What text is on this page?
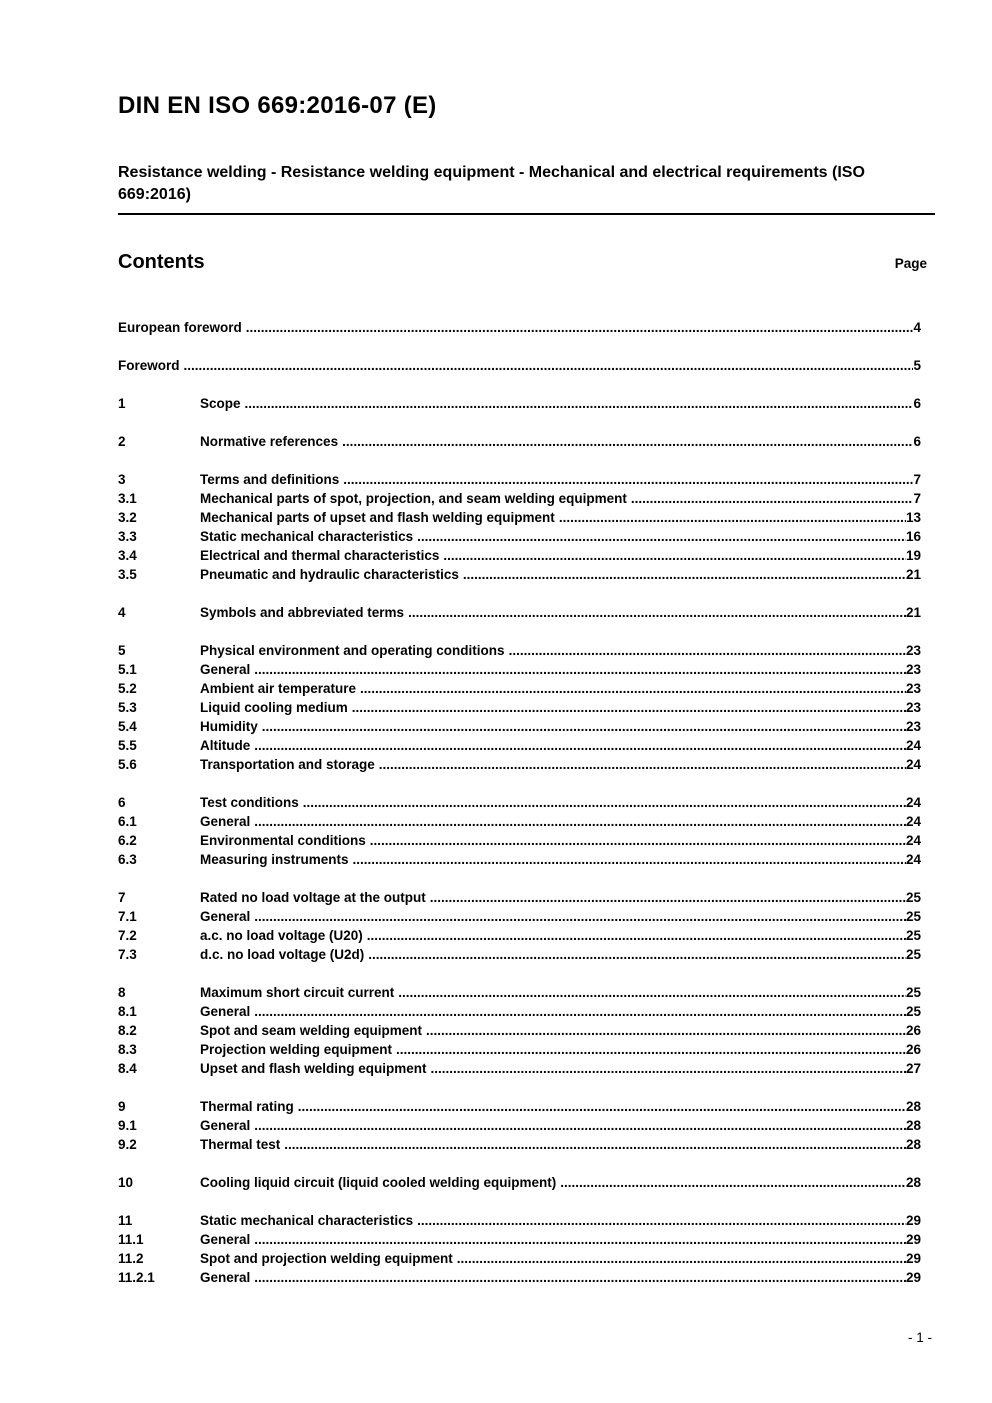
DIN EN ISO 669:2016-07 (E)
Resistance welding - Resistance welding equipment - Mechanical and electrical requirements (ISO 669:2016)
Contents	Page
European foreword .....	4
Foreword .....	5
1	Scope .....	6
2	Normative references .....	6
3	Terms and definitions .....	7
3.1	Mechanical parts of spot, projection, and seam welding equipment .....	7
3.2	Mechanical parts of upset and flash welding equipment .....	13
3.3	Static mechanical characteristics .....	16
3.4	Electrical and thermal characteristics .....	19
3.5	Pneumatic and hydraulic characteristics .....	21
4	Symbols and abbreviated terms .....	21
5	Physical environment and operating conditions .....	23
5.1	General .....	23
5.2	Ambient air temperature .....	23
5.3	Liquid cooling medium .....	23
5.4	Humidity .....	23
5.5	Altitude .....	24
5.6	Transportation and storage .....	24
6	Test conditions .....	24
6.1	General .....	24
6.2	Environmental conditions .....	24
6.3	Measuring instruments .....	24
7	Rated no load voltage at the output .....	25
7.1	General .....	25
7.2	a.c. no load voltage (U20) .....	25
7.3	d.c. no load voltage (U2d) .....	25
8	Maximum short circuit current .....	25
8.1	General .....	25
8.2	Spot and seam welding equipment .....	26
8.3	Projection welding equipment .....	26
8.4	Upset and flash welding equipment .....	27
9	Thermal rating .....	28
9.1	General .....	28
9.2	Thermal test .....	28
10	Cooling liquid circuit (liquid cooled welding equipment) .....	28
11	Static mechanical characteristics .....	29
11.1	General .....	29
11.2	Spot and projection welding equipment .....	29
11.2.1	General .....	29
- 1 -
